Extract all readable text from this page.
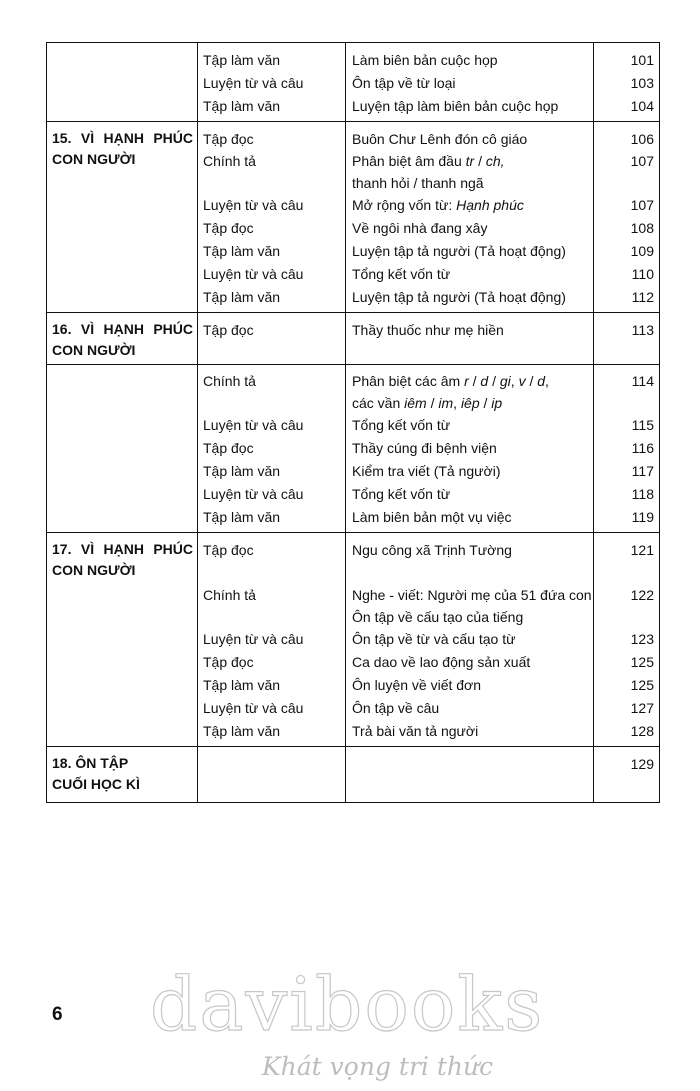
Tập làm văn
Luyện từ và câu
Tập làm văn
Làm biên bản cuộc họp
Ôn tập về từ loại
Luyện tập làm biên bản cuộc họp
101
103
104
15. VÌ HẠNH PHÚC
CON NGƯỜI
Tập đọc
Chính tả

Luyện từ và câu
Tập đọc
Tập làm văn
Luyện từ và câu
Tập làm văn
Buôn Chư Lênh đón cô giáo
Phân biệt âm đầu tr / ch,
thanh hỏi / thanh ngã
Mở rộng vốn từ: Hạnh phúc
Về ngôi nhà đang xây
Luyện tập tả người (Tả hoạt động)
Tổng kết vốn từ
Luyện tập tả người (Tả hoạt động)
106
107

107
108
109
110
112
16. VÌ HẠNH PHÚC
CON NGƯỜI
Tập đọc	Thầy thuốc như mẹ hiền	113
Chính tả

Luyện từ và câu
Tập đọc
Tập làm văn
Luyện từ và câu
Tập làm văn
Phân biệt các âm r / d / gi, v / d,
các vần iêm / im, iêp / ip
Tổng kết vốn từ
Thầy cúng đi bệnh viện
Kiểm tra viết (Tả người)
Tổng kết vốn từ
Làm biên bản một vụ việc
114

115
116
117
118
119
17. VÌ HẠNH PHÚC
CON NGƯỜI
Tập đọc

Chính tả

Luyện từ và câu
Tập đọc
Tập làm văn
Luyện từ và câu
Tập làm văn
Ngu công xã Trịnh Tường

Nghe - viết: Người mẹ của 51 đứa con
Ôn tập về cấu tạo của tiếng
Ôn tập về từ và cấu tạo từ
Ca dao về lao động sản xuất
Ôn luyện về viết đơn
Ôn tập về câu
Trả bài văn tả người
121

122

123
125
125
127
128
18. ÔN TẬP
CUỐI HỌC KÌ

129

6 davibooks
Khát vọng tri thức
